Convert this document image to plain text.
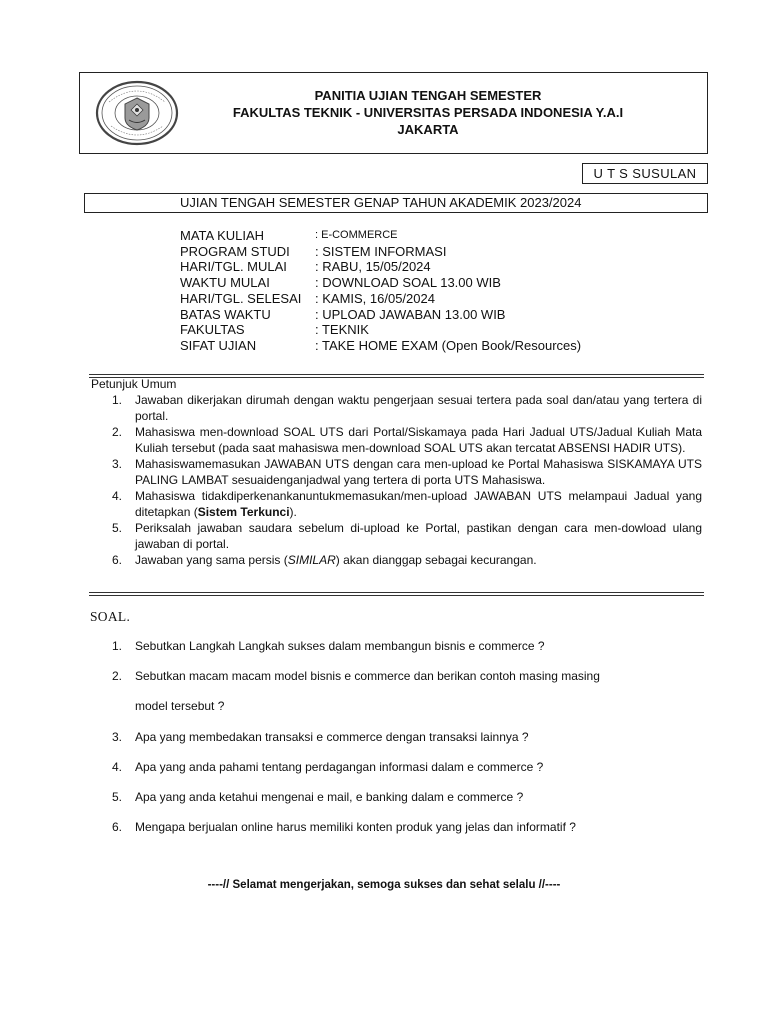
PANITIA UJIAN TENGAH SEMESTER
FAKULTAS TEKNIK - UNIVERSITAS PERSADA INDONESIA Y.A.I
JAKARTA
U T S SUSULAN
UJIAN TENGAH SEMESTER GENAP TAHUN AKADEMIK 2023/2024
MATA KULIAH	: E-COMMERCE
PROGRAM STUDI	: SISTEM INFORMASI
HARI/TGL. MULAI	: RABU, 15/05/2024
WAKTU MULAI	: DOWNLOAD SOAL 13.00 WIB
HARI/TGL. SELESAI	: KAMIS, 16/05/2024
BATAS WAKTU	: UPLOAD JAWABAN 13.00 WIB
FAKULTAS	: TEKNIK
SIFAT UJIAN	: TAKE HOME EXAM (Open Book/Resources)
Petunjuk Umum
1. Jawaban dikerjakan dirumah dengan waktu pengerjaan sesuai tertera pada soal dan/atau yang tertera di portal.
2. Mahasiswa men-download SOAL UTS dari Portal/Siskamaya pada Hari Jadual UTS/Jadual Kuliah Mata Kuliah tersebut (pada saat mahasiswa men-download SOAL UTS akan tercatat ABSENSI HADIR UTS).
3. Mahasiswamemasukan JAWABAN UTS dengan cara men-upload ke Portal Mahasiswa SISKAMAYA UTS PALING LAMBAT sesuaidenganjadwal yang tertera di porta UTS Mahasiswa.
4. Mahasiswa tidakdiperkenankanuntukmemasukan/men-upload JAWABAN UTS melampaui Jadual yang ditetapkan (Sistem Terkunci).
5. Periksalah jawaban saudara sebelum di-upload ke Portal, pastikan dengan cara men-dowload ulang jawaban di portal.
6. Jawaban yang sama persis (SIMILAR) akan dianggap sebagai kecurangan.
SOAL.
1. Sebutkan Langkah Langkah sukses dalam membangun bisnis e commerce ?
2. Sebutkan macam macam model bisnis e commerce dan berikan contoh masing masing
model tersebut ?
3. Apa yang membedakan transaksi e commerce dengan transaksi lainnya ?
4. Apa yang anda pahami tentang perdagangan informasi dalam e commerce ?
5. Apa yang anda ketahui mengenai e mail, e banking dalam e commerce ?
6. Mengapa berjualan online harus memiliki konten produk yang jelas dan informatif ?
----// Selamat mengerjakan, semoga sukses dan sehat selalu //----
